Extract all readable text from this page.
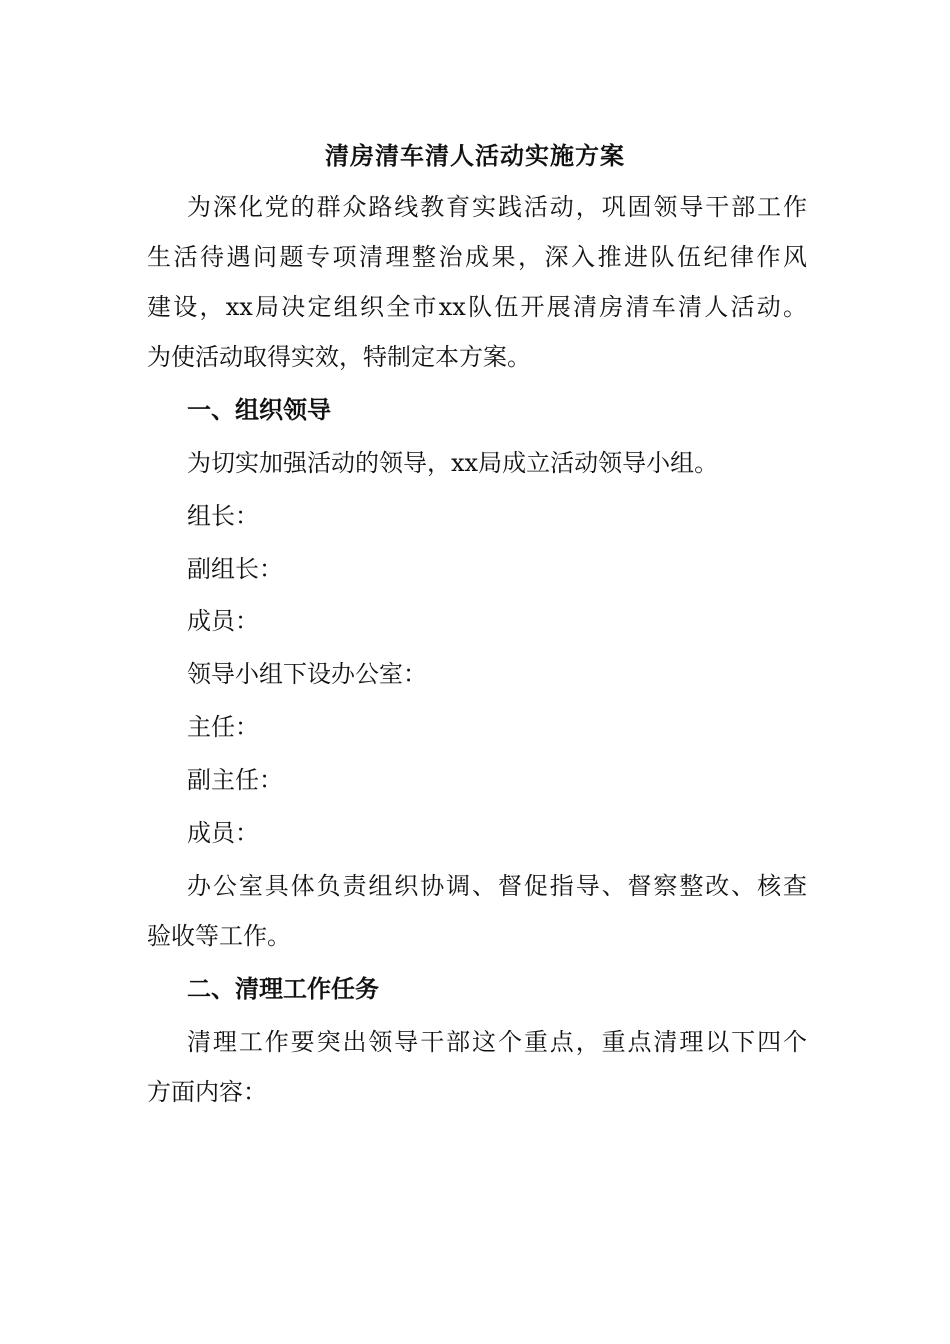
清房清车清人活动实施方案

为深化党的群众路线教育实践活动，巩固领导干部工作

生活待遇问题专项清理整治成果，深入推进队伍纪律作风

建设，xx局决定组织全市xx队伍开展清房清车清人活动。

为使活动取得实效，特制定本方案。

一、组织领导

为切实加强活动的领导，xx局成立活动领导小组。

组长：

副组长：

成员：

领导小组下设办公室：

主任：

副主任：

成员：

办公室具体负责组织协调、督促指导、督察整改、核查

验收等工作。

二、清理工作任务

清理工作要突出领导干部这个重点，重点清理以下四个

方面内容：
